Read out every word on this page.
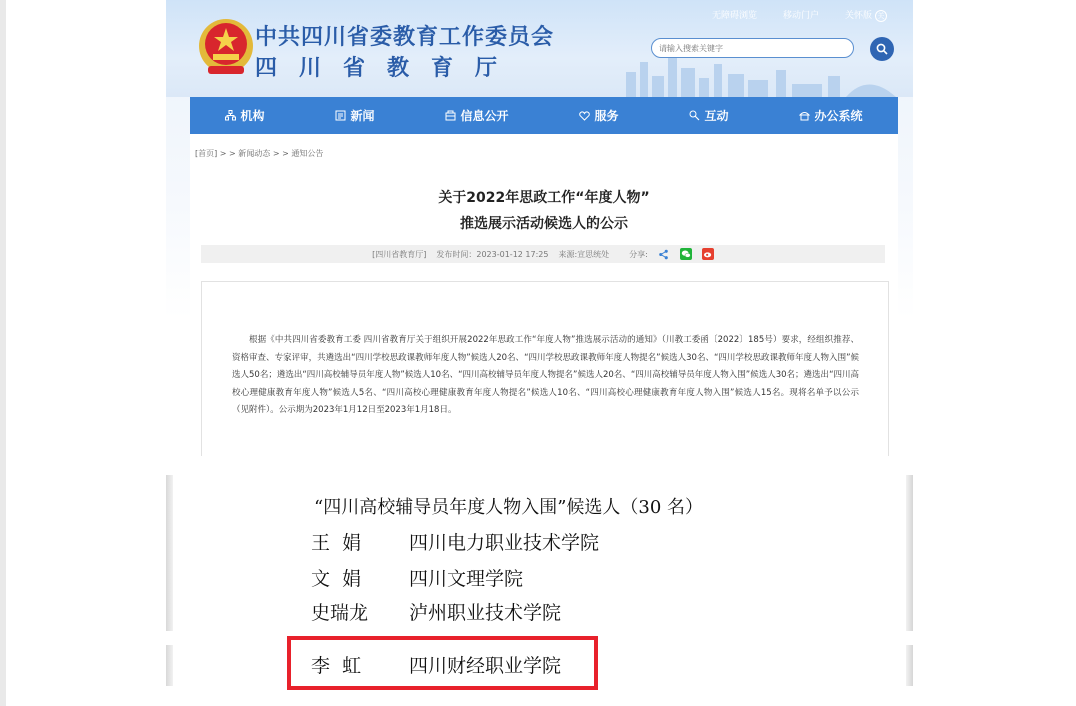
中共四川省委教育工作委员会
四川省教育厅
无障碍浏览	移动门户	关怀版 关
请输入搜索关键字
机构	新闻	信息公开	服务	互动	办公系统
[首页] > > 新闻动态 > > 通知公告
关于2022年思政工作“年度人物”
推选展示活动候选人的公示
[四川省教育厅] 发布时间：2023-01-12 17:25 来源:宣思统处	分享:
根据《中共四川省委教育工委 四川省教育厅关于组织开展2022年思政工作“年度人物”推选展示活动的通知》（川教工委函〔2022〕185号）要求，经组织推荐、资格审查、专家评审，共遴选出“四川学校思政课教师年度人物”候选人20名、“四川学校思政课教师年度人物提名”候选人30名、“四川学校思政课教师年度人物入围”候选人50名；遴选出“四川高校辅导员年度人物”候选人10名、“四川高校辅导员年度人物提名”候选人20名、“四川高校辅导员年度人物入围”候选人30名；遴选出“四川高校心理健康教育年度人物”候选人5名、“四川高校心理健康教育年度人物提名”候选人10名、“四川高校心理健康教育年度人物入围”候选人15名。现将名单予以公示（见附件）。公示期为2023年1月12日至2023年1月18日。
“四川高校辅导员年度人物入围”候选人（30 名）
王  娟	四川电力职业技术学院
文  娟	四川文理学院
史瑞龙 泸州职业技术学院
李  虹	四川财经职业学院
